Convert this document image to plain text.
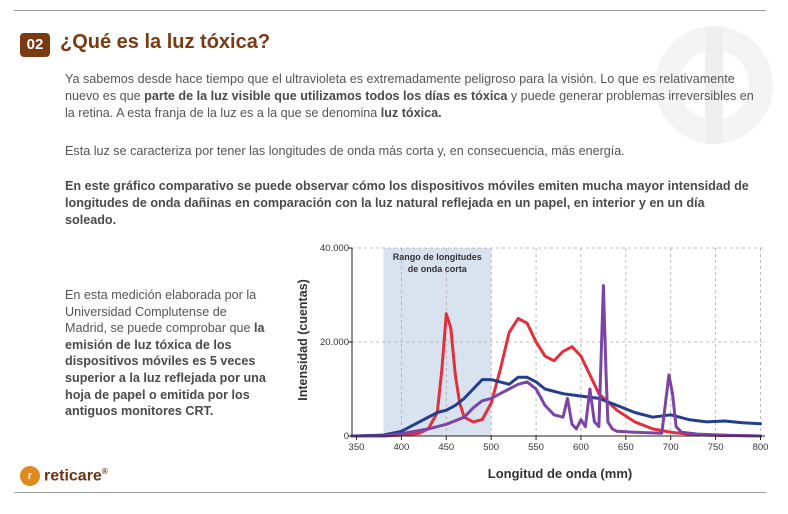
02 ¿Qué es la luz tóxica?

Ya sabemos desde hace tiempo que el ultravioleta es extremadamente peligroso para la visión. Lo que es relativamente nuevo es que parte de la luz visible que utilizamos todos los días es tóxica y puede generar problemas irreversibles en la retina. A esta franja de la luz es a la que se denomina luz tóxica.

Esta luz se caracteriza por tener las longitudes de onda más corta y, en consecuencia, más energía.

En este gráfico comparativo se puede observar cómo los dispositivos móviles emiten mucha mayor intensidad de longitudes de onda dañinas en comparación con la luz natural reflejada en un papel, en interior y en un día soleado.

En esta medición elaborada por la Universidad Complutense de Madrid, se puede comprobar que la emisión de luz tóxica de los dispositivos móviles es 5 veces superior a la luz reflejada por una hoja de papel o emitida por los antiguos monitores CRT.

Rango de longitudes
de onda corta
350	400	450	500	550	600	650	700	750	800
0
20.000
40.000
Intensidad (cuentas)
Longitud de onda (mm)
r reticare®
